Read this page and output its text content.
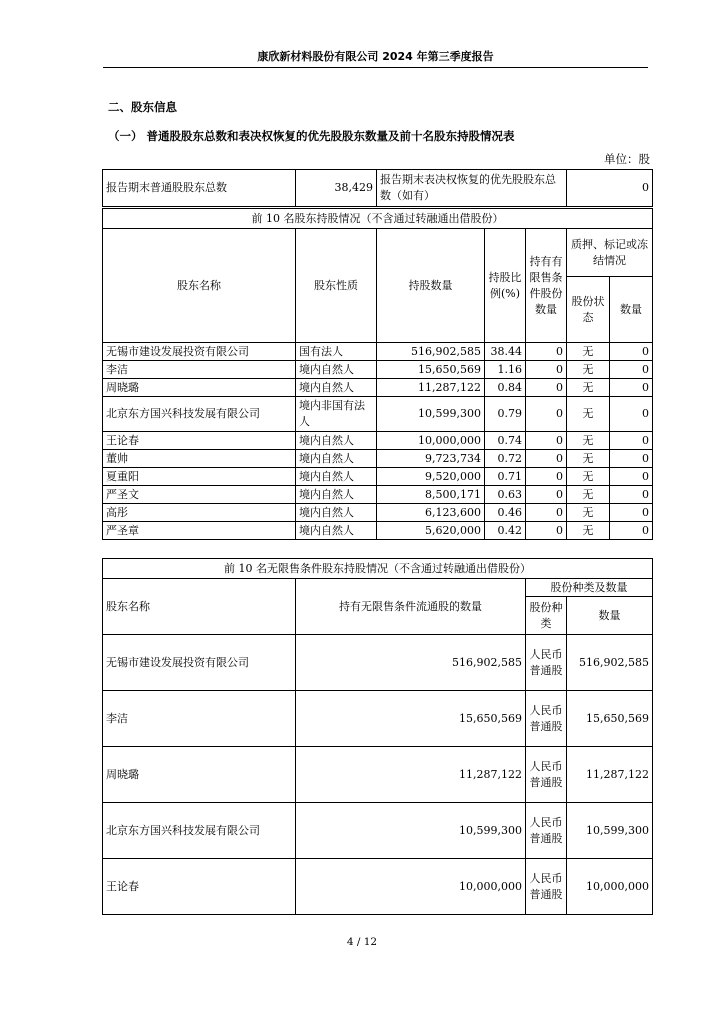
康欣新材料股份有限公司 2024 年第三季度报告
二、股东信息
（一） 普通股股东总数和表决权恢复的优先股股东数量及前十名股东持股情况表
单位：股
报告期末普通股股东总数	38,429	报告期末表决权恢复的优先股股东总数（如有）	0
前 10 名股东持股情况（不含通过转融通出借股份）						
股东名称	股东性质	持股数量	持股比例(%)	持有有限售条件股份数量	质押、标记或冻结情况	
					股份状态	数量
无锡市建设发展投资有限公司	国有法人	516,902,585	38.44	0	无	0
李洁	境内自然人	15,650,569	1.16	0	无	0
周晓璐	境内自然人	11,287,122	0.84	0	无	0
北京东方国兴科技发展有限公司	境内非国有法人	10,599,300	0.79	0	无	0
王论春	境内自然人	10,000,000	0.74	0	无	0
董帅	境内自然人	9,723,734	0.72	0	无	0
夏重阳	境内自然人	9,520,000	0.71	0	无	0
严圣文	境内自然人	8,500,171	0.63	0	无	0
高彤	境内自然人	6,123,600	0.46	0	无	0
严圣章	境内自然人	5,620,000	0.42	0	无	0
前 10 名无限售条件股东持股情况（不含通过转融通出借股份）			
股东名称	持有无限售条件流通股的数量	股份种类及数量	
		股份种类	数量
无锡市建设发展投资有限公司	516,902,585	人民币普通股	516,902,585
李洁	15,650,569	人民币普通股	15,650,569
周晓璐	11,287,122	人民币普通股	11,287,122
北京东方国兴科技发展有限公司	10,599,300	人民币普通股	10,599,300
王论春	10,000,000	人民币普通股	10,000,000
4 / 12
